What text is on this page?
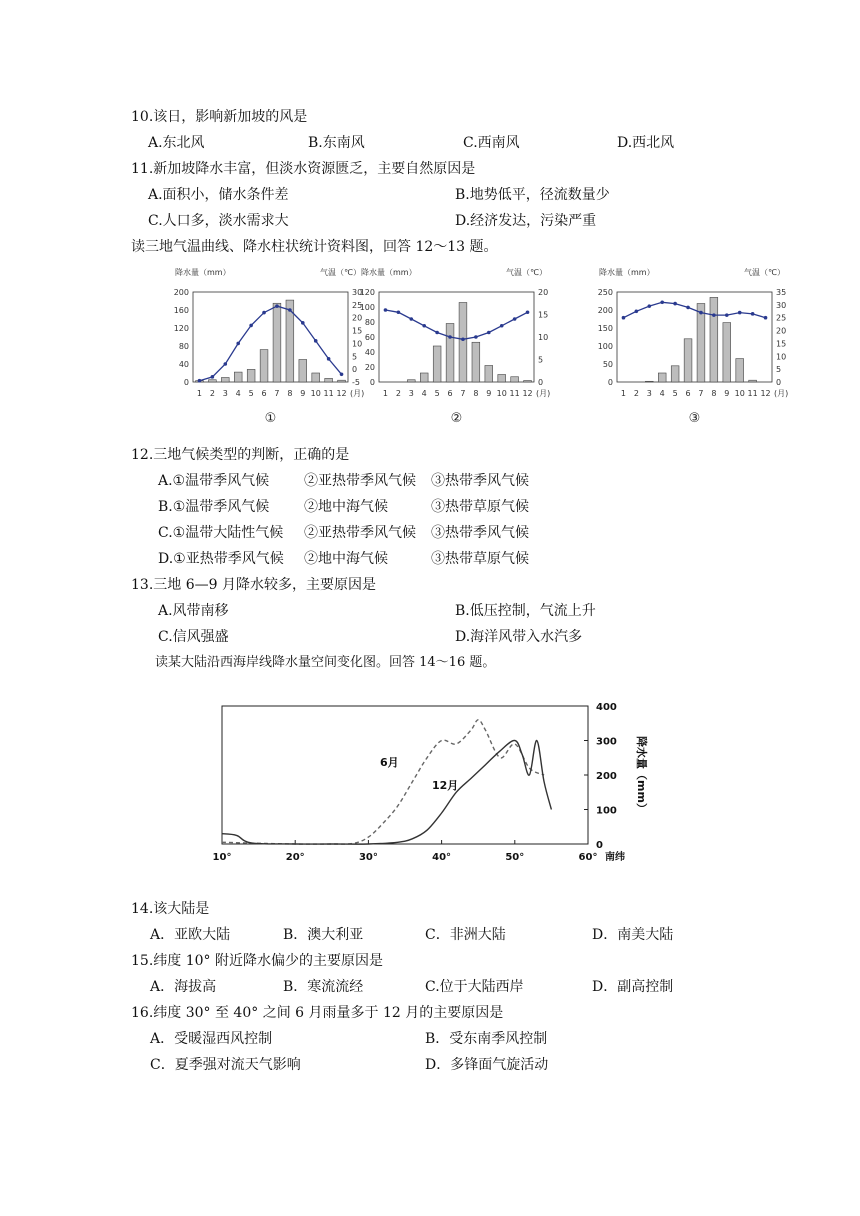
10.该日，影响新加坡的风是
A.东北风	B.东南风	C.西南风	D.西北风
11.新加坡降水丰富，但淡水资源匮乏，主要自然原因是
A.面积小，储水条件差	B.地势低平，径流数量少
C.人口多，淡水需求大	D.经济发达，污染严重
读三地气温曲线、降水柱状统计资料图，回答 12～13 题。
降水量（mm）	气温（℃）
200
160
120
80
40
0
30
25
20
15
10
5
0
-5
1 2 3 4 5 6 7 8 9 10 11 12 (月)
①
降水量（mm）	气温（℃）
120
100
80
60
40
20
0
20
15
10
5
0
1 2 3 4 5 6 7 8 9 10 11 12 (月)
②
降水量（mm）	气温（℃）
250
200
150
100
50
0
35
30
25
20
15
10
5
0
1 2 3 4 5 6 7 8 9 10 11 12 (月)
③
12.三地气候类型的判断，正确的是
A.①温带季风气候 ②亚热带季风气候 ③热带季风气候
B.①温带季风气候 ②地中海气候	③热带草原气候
C.①温带大陆性气候 ②亚热带季风气候 ③热带季风气候
D.①亚热带季风气候 ②地中海气候	③热带草原气候
13.三地 6—9 月降水较多，主要原因是
A.风带南移	B.低压控制，气流上升
C.信风强盛	D.海洋风带入水汽多
读某大陆沿西海岸线降水量空间变化图。回答 14～16 题。
10°	20°	30°	40°	50°	60° 南纬
400
300
200
100
0
降水量（mm）
6月
12月
14.该大陆是
A．亚欧大陆	B．澳大利亚	C．非洲大陆	D．南美大陆
15.纬度 10° 附近降水偏少的主要原因是
A．海拔高	B．寒流流经	C.位于大陆西岸	D．副高控制
16.纬度 30° 至 40° 之间 6 月雨量多于 12 月的主要原因是
A．受暖湿西风控制	B．受东南季风控制
C．夏季强对流天气影响	D．多锋面气旋活动
